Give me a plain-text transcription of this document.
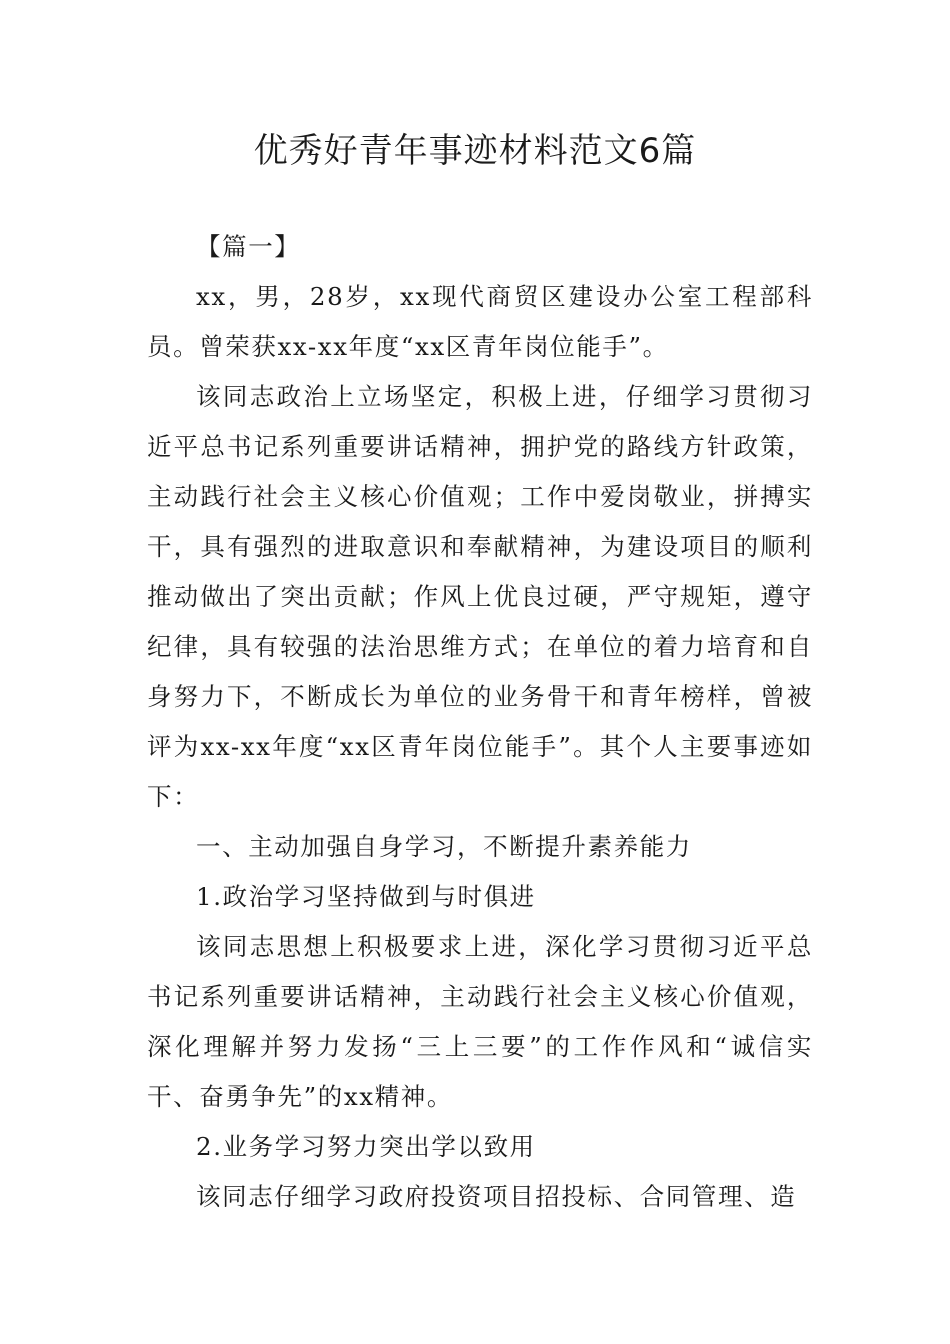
优秀好青年事迹材料范文6篇

【篇一】

xx，男，28岁，xx现代商贸区建设办公室工程部科员。曾荣获xx-xx年度“xx区青年岗位能手”。

该同志政治上立场坚定，积极上进，仔细学习贯彻习近平总书记系列重要讲话精神，拥护党的路线方针政策，主动践行社会主义核心价值观；工作中爱岗敬业，拼搏实干，具有强烈的进取意识和奉献精神，为建设项目的顺利推动做出了突出贡献；作风上优良过硬，严守规矩，遵守纪律，具有较强的法治思维方式；在单位的着力培育和自身努力下，不断成长为单位的业务骨干和青年榜样，曾被评为xx-xx年度“xx区青年岗位能手”。其个人主要事迹如下：

一、主动加强自身学习，不断提升素养能力

1.政治学习坚持做到与时俱进

该同志思想上积极要求上进，深化学习贯彻习近平总书记系列重要讲话精神，主动践行社会主义核心价值观，深化理解并努力发扬“三上三要”的工作作风和“诚信实干、奋勇争先”的xx精神。

2.业务学习努力突出学以致用

该同志仔细学习政府投资项目招投标、合同管理、造
